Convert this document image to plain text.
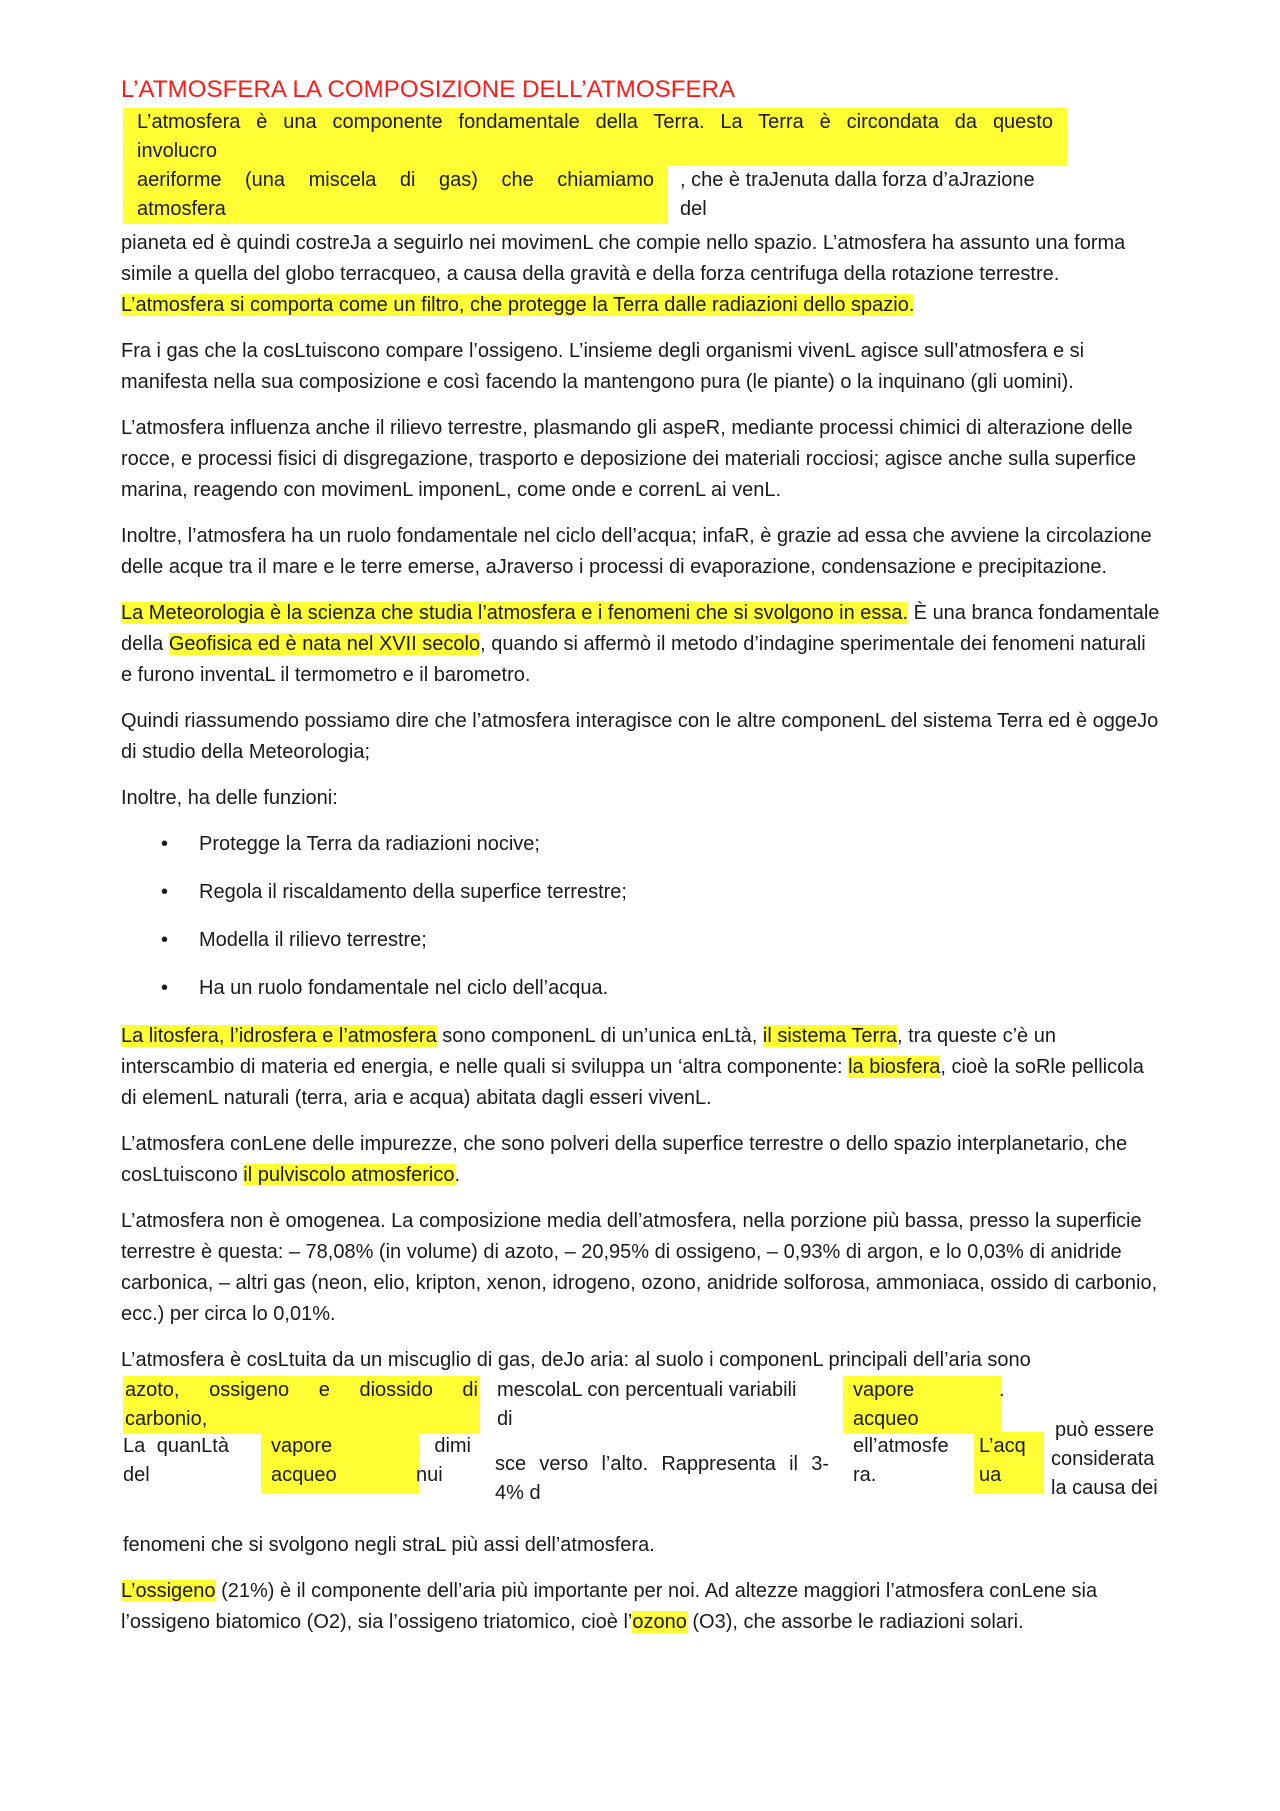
L’ATMOSFERA LA COMPOSIZIONE DELL’ATMOSFERA
L’atmosfera è una componente fondamentale della Terra. La Terra è circondata da questo
involucro
aeriforme (una miscela di gas) che chiamiamo
atmosfera
, che è traJenuta dalla forza d’aJrazione
del

pianeta ed è quindi costreJa a seguirlo nei movimenL che compie nello spazio. L’atmosfera ha assunto una forma simile a quella del globo terracqueo, a causa della gravità e della forza centrifuga della rotazione terrestre. L’atmosfera si comporta come un filtro, che protegge la Terra dalle radiazioni dello spazio.

Fra i gas che la cosLtuiscono compare l’ossigeno. L’insieme degli organismi vivenL agisce sull’atmosfera e si manifesta nella sua composizione e così facendo la mantengono pura (le piante) o la inquinano (gli uomini).

L’atmosfera influenza anche il rilievo terrestre, plasmando gli aspeR, mediante processi chimici di alterazione delle rocce, e processi fisici di disgregazione, trasporto e deposizione dei materiali rocciosi; agisce anche sulla superfice marina, reagendo con movimenL imponenL, come onde e correnL ai venL.

Inoltre, l’atmosfera ha un ruolo fondamentale nel ciclo dell’acqua; infaR, è grazie ad essa che avviene la circolazione delle acque tra il mare e le terre emerse, aJraverso i processi di evaporazione, condensazione e precipitazione.

La Meteorologia è la scienza che studia l’atmosfera e i fenomeni che si svolgono in essa. È una branca fondamentale della Geofisica ed è nata nel XVII secolo, quando si affermò il metodo d’indagine sperimentale dei fenomeni naturali e furono inventaL il termometro e il barometro.

Quindi riassumendo possiamo dire che l’atmosfera interagisce con le altre componenL del sistema Terra ed è oggeJo di studio della Meteorologia;

Inoltre, ha delle funzioni:

• Protegge la Terra da radiazioni nocive;
• Regola il riscaldamento della superfice terrestre;
• Modella il rilievo terrestre;
• Ha un ruolo fondamentale nel ciclo dell’acqua.

La litosfera, l’idrosfera e l’atmosfera sono componenL di un’unica enLtà, il sistema Terra, tra queste c’è un interscambio di materia ed energia, e nelle quali si sviluppa un ‘altra componente: la biosfera, cioè la soRle pellicola di elemenL naturali (terra, aria e acqua) abitata dagli esseri vivenL.

L’atmosfera conLene delle impurezze, che sono polveri della superfice terrestre o dello spazio interplanetario, che cosLtuiscono il pulviscolo atmosferico.

L’atmosfera non è omogenea. La composizione media dell’atmosfera, nella porzione più bassa, presso la superficie terrestre è questa: – 78,08% (in volume) di azoto, – 20,95% di ossigeno, – 0,93% di argon, e lo 0,03% di anidride carbonica, – altri gas (neon, elio, kripton, xenon, idrogeno, ozono, anidride solforosa, ammoniaca, ossido di carbonio, ecc.) per circa lo 0,01%.

L’atmosfera è cosLtuita da un miscuglio di gas, deJo aria: al suolo i componenL principali dell’aria sono

azoto, ossigeno e diossido di
carbonio,
mescolaL con percentuali variabili
di
vapore
acqueo
.
La quanLtà
del
vapore
acqueo
dimi
nui	sce verso l’alto. Rappresenta il 3-
4% d
ell’atmosfe
ra.
L’acq
ua
può essere
considerata
la causa dei

fenomeni che si svolgono negli straL più assi dell’atmosfera.

L’ossigeno (21%) è il componente dell’aria più importante per noi. Ad altezze maggiori l’atmosfera conLene sia l’ossigeno biatomico (O2), sia l’ossigeno triatomico, cioè l’ozono (O3), che assorbe le radiazioni solari.
